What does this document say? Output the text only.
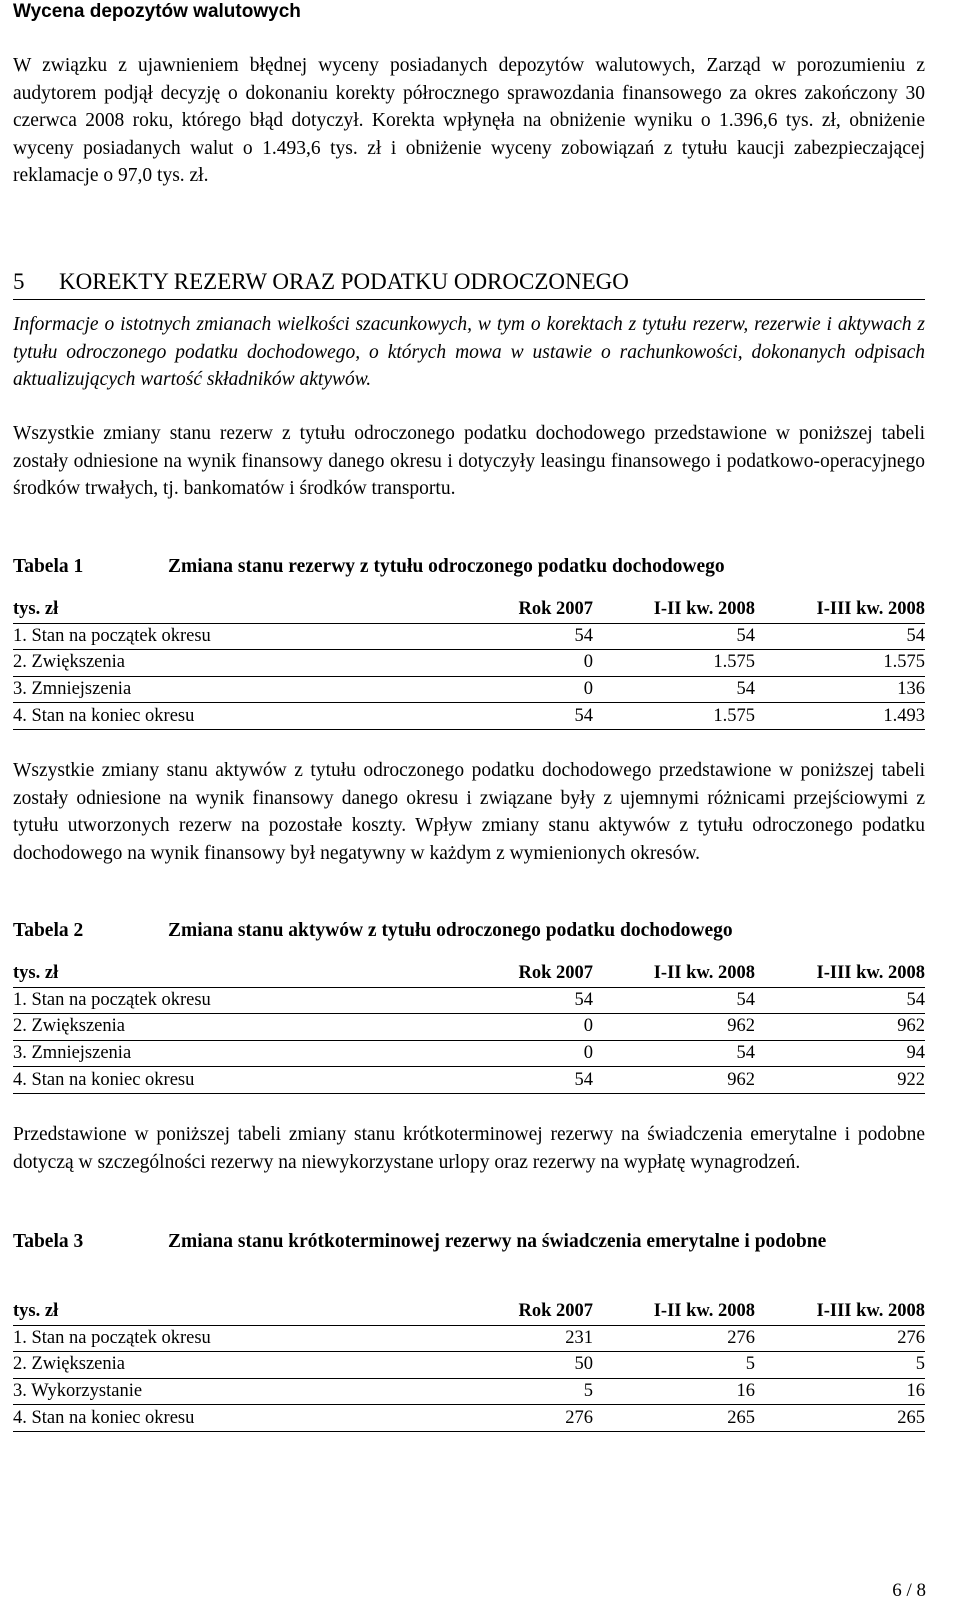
Wycena depozytów walutowych

W związku z ujawnieniem błędnej wyceny posiadanych depozytów walutowych, Zarząd w porozumieniu z audytorem podjął decyzję o dokonaniu korekty półrocznego sprawozdania finansowego za okres zakończony 30 czerwca 2008 roku, którego błąd dotyczył. Korekta wpłynęła na obniżenie wyniku o 1.396,6 tys. zł, obniżenie wyceny posiadanych walut o 1.493,6 tys. zł i obniżenie wyceny zobowiązań z tytułu kaucji zabezpieczającej reklamacje o 97,0 tys. zł.

5 KOREKTY REZERW ORAZ PODATKU ODROCZONEGO

Informacje o istotnych zmianach wielkości szacunkowych, w tym o korektach z tytułu rezerw, rezerwie i aktywach z tytułu odroczonego podatku dochodowego, o których mowa w ustawie o rachunkowości, dokonanych odpisach aktualizujących wartość składników aktywów.

Wszystkie zmiany stanu rezerw z tytułu odroczonego podatku dochodowego przedstawione w poniższej tabeli zostały odniesione na wynik finansowy danego okresu i dotyczyły leasingu finansowego i podatkowo-operacyjnego środków trwałych, tj. bankomatów i środków transportu.

Tabela 1	Zmiana stanu rezerwy z tytułu odroczonego podatku dochodowego
tys. zł	Rok 2007	I-II kw. 2008	I-III kw. 2008
1. Stan na początek okresu	54	54	54
2. Zwiększenia	0	1.575	1.575
3. Zmniejszenia	0	54	136
4. Stan na koniec okresu	54	1.575	1.493

Wszystkie zmiany stanu aktywów z tytułu odroczonego podatku dochodowego przedstawione w poniższej tabeli zostały odniesione na wynik finansowy danego okresu i związane były z ujemnymi różnicami przejściowymi z tytułu utworzonych rezerw na pozostałe koszty. Wpływ zmiany stanu aktywów z tytułu odroczonego podatku dochodowego na wynik finansowy był negatywny w każdym z wymienionych okresów.

Tabela 2	Zmiana stanu aktywów z tytułu odroczonego podatku dochodowego
tys. zł	Rok 2007	I-II kw. 2008	I-III kw. 2008
1. Stan na początek okresu	54	54	54
2. Zwiększenia	0	962	962
3. Zmniejszenia	0	54	94
4. Stan na koniec okresu	54	962	922

Przedstawione w poniższej tabeli zmiany stanu krótkoterminowej rezerwy na świadczenia emerytalne i podobne dotyczą w szczególności rezerwy na niewykorzystane urlopy oraz rezerwy na wypłatę wynagrodzeń.

Tabela 3	Zmiana stanu krótkoterminowej rezerwy na świadczenia emerytalne i podobne
tys. zł	Rok 2007	I-II kw. 2008	I-III kw. 2008
1. Stan na początek okresu	231	276	276
2. Zwiększenia	50	5	5
3. Wykorzystanie	5	16	16
4. Stan na koniec okresu	276	265	265
6 / 8
